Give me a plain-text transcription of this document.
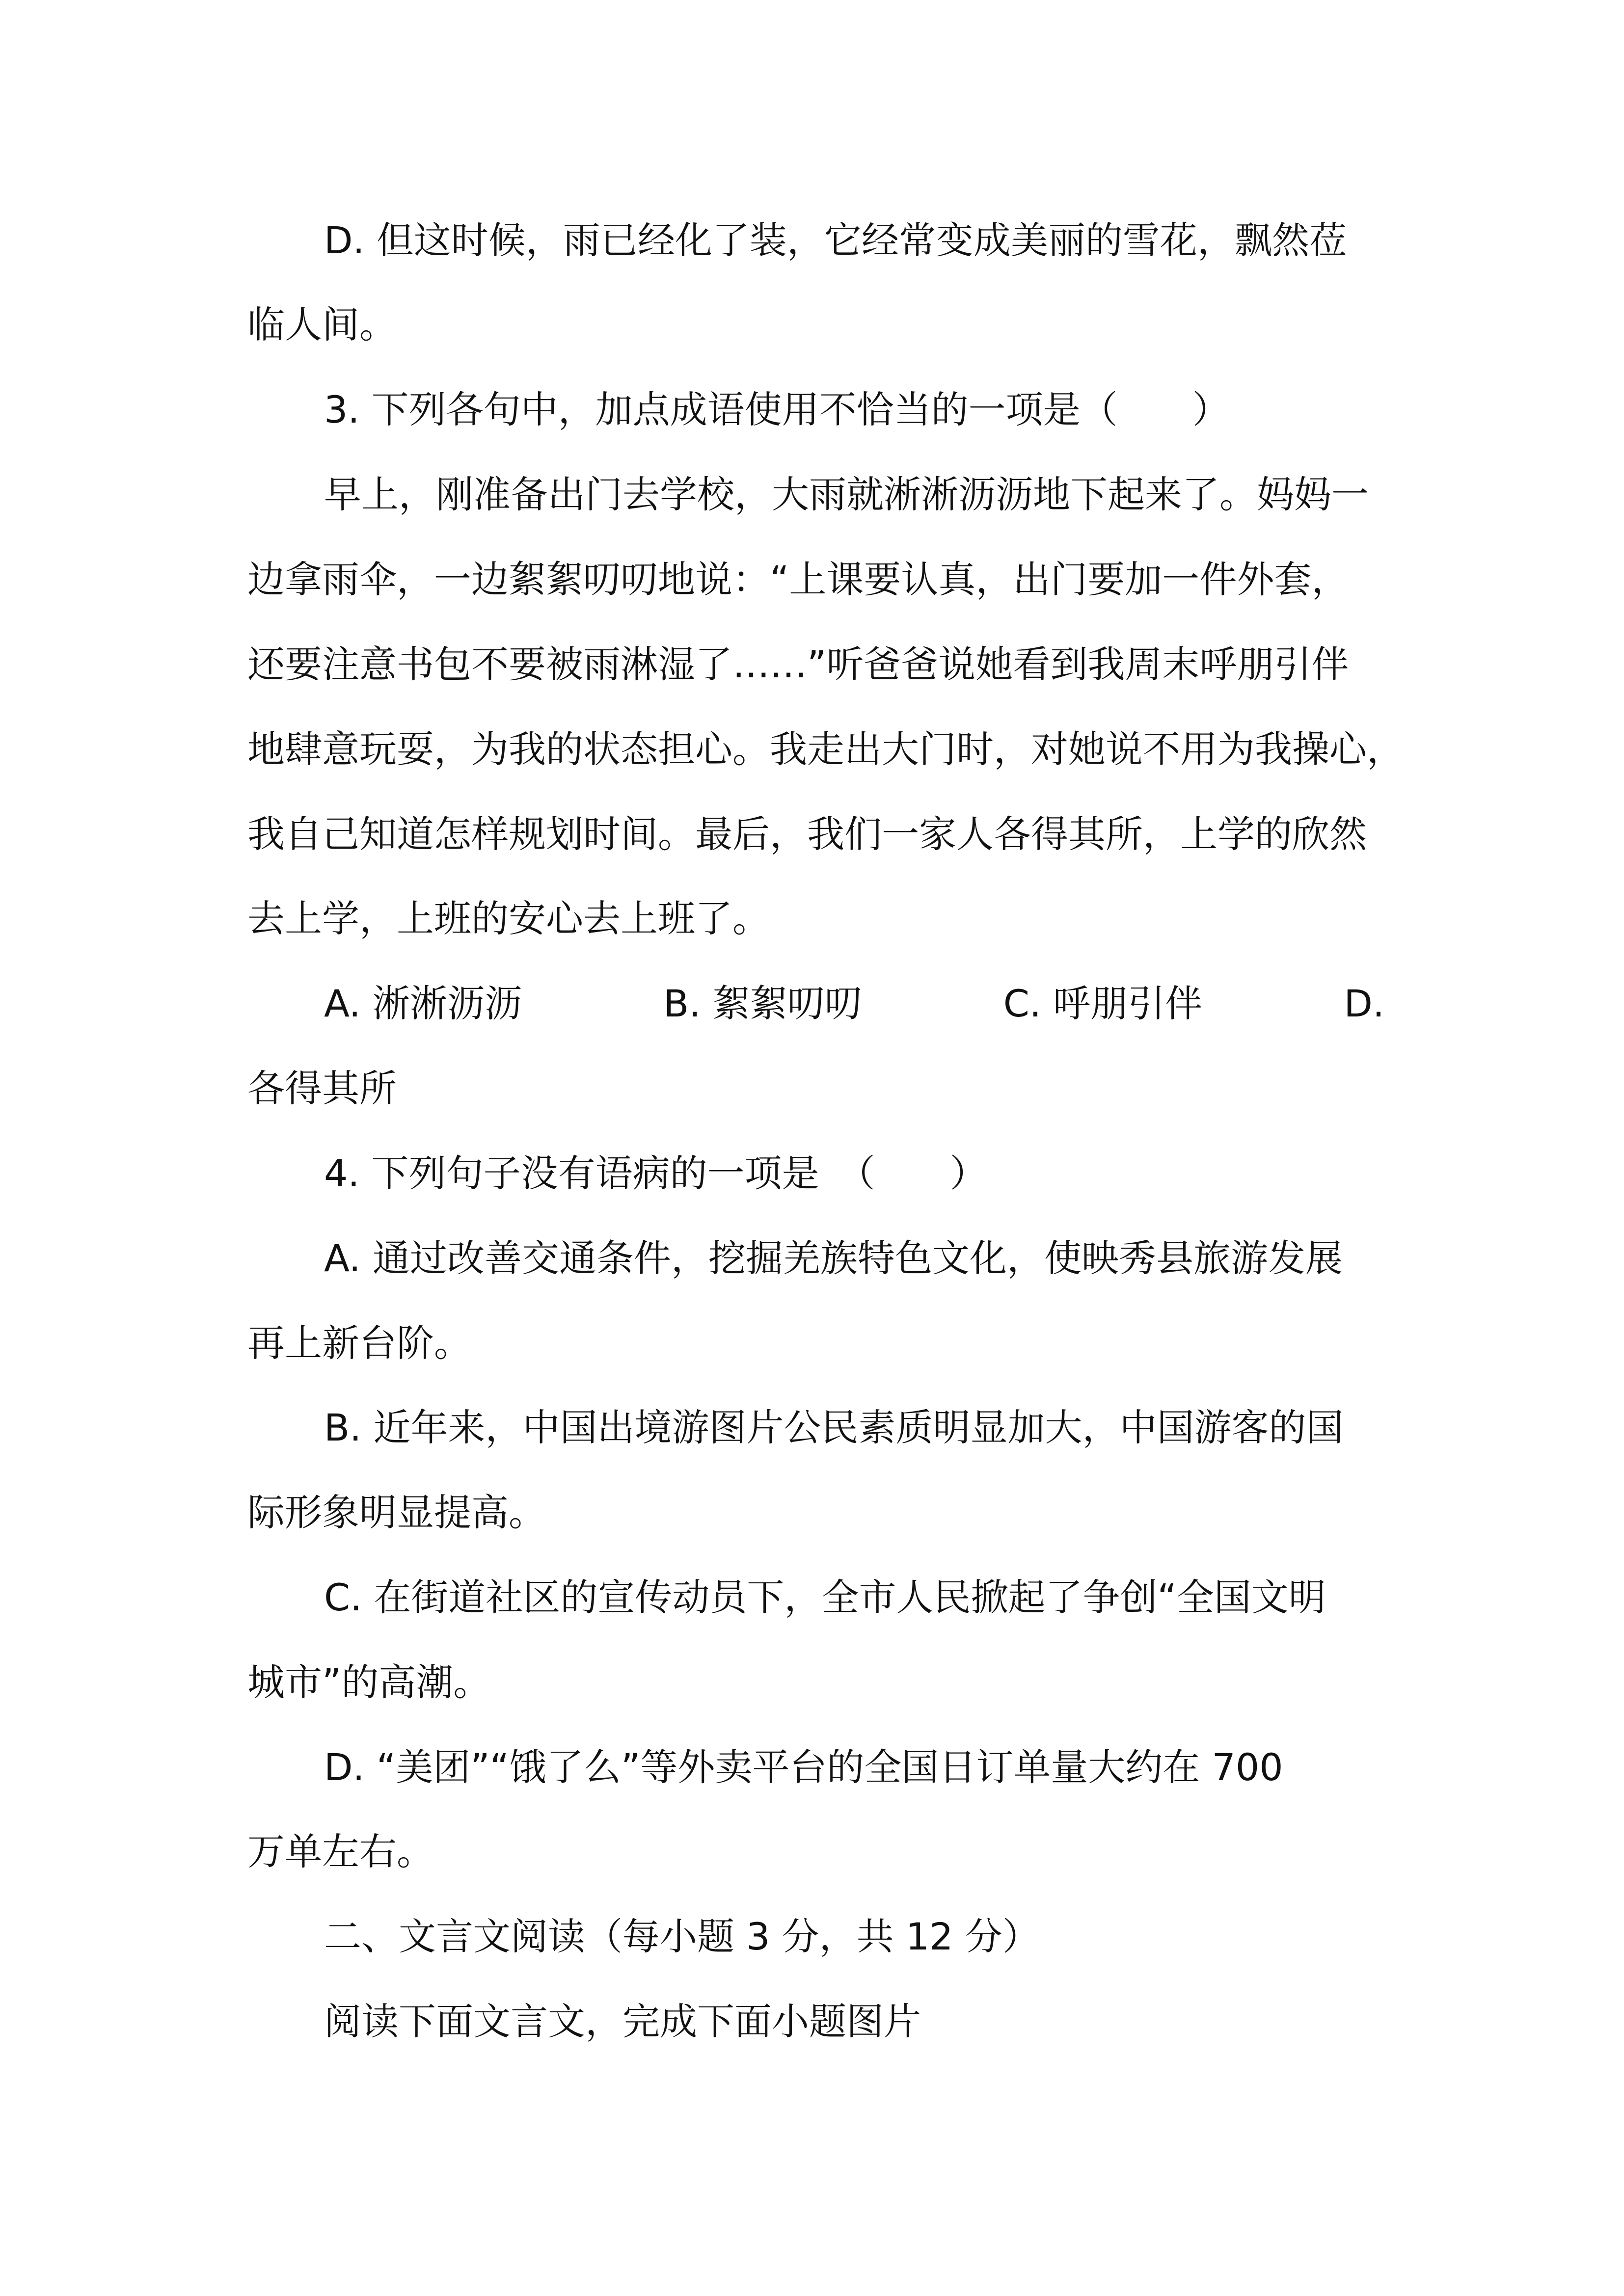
D. 但这时候，雨已经化了装，它经常变成美丽的雪花，飘然莅
临人间。
3. 下列各句中，加点成语使用不恰当的一项是（　　）
早上，刚准备出门去学校，大雨就淅淅沥沥地下起来了。妈妈一
边拿雨伞，一边絮絮叨叨地说：“上课要认真，出门要加一件外套，
还要注意书包不要被雨淋湿了……”听爸爸说她看到我周末呼朋引伴
地肆意玩耍，为我的状态担心。我走出大门时，对她说不用为我操心，
我自己知道怎样规划时间。最后，我们一家人各得其所，上学的欣然
去上学，上班的安心去上班了。
A. 淅淅沥沥	B. 絮絮叨叨	C. 呼朋引伴	D.
各得其所
4. 下列句子没有语病的一项是　（　　）
A. 通过改善交通条件，挖掘羌族特色文化，使映秀县旅游发展
再上新台阶。
B. 近年来，中国出境游图片公民素质明显加大，中国游客的国
际形象明显提高。
C. 在街道社区的宣传动员下，全市人民掀起了争创“全国文明
城市”的高潮。
D. “美团”“饿了么”等外卖平台的全国日订单量大约在 700
万单左右。
二、文言文阅读（每小题 3 分，共 12 分）
阅读下面文言文，完成下面小题图片
